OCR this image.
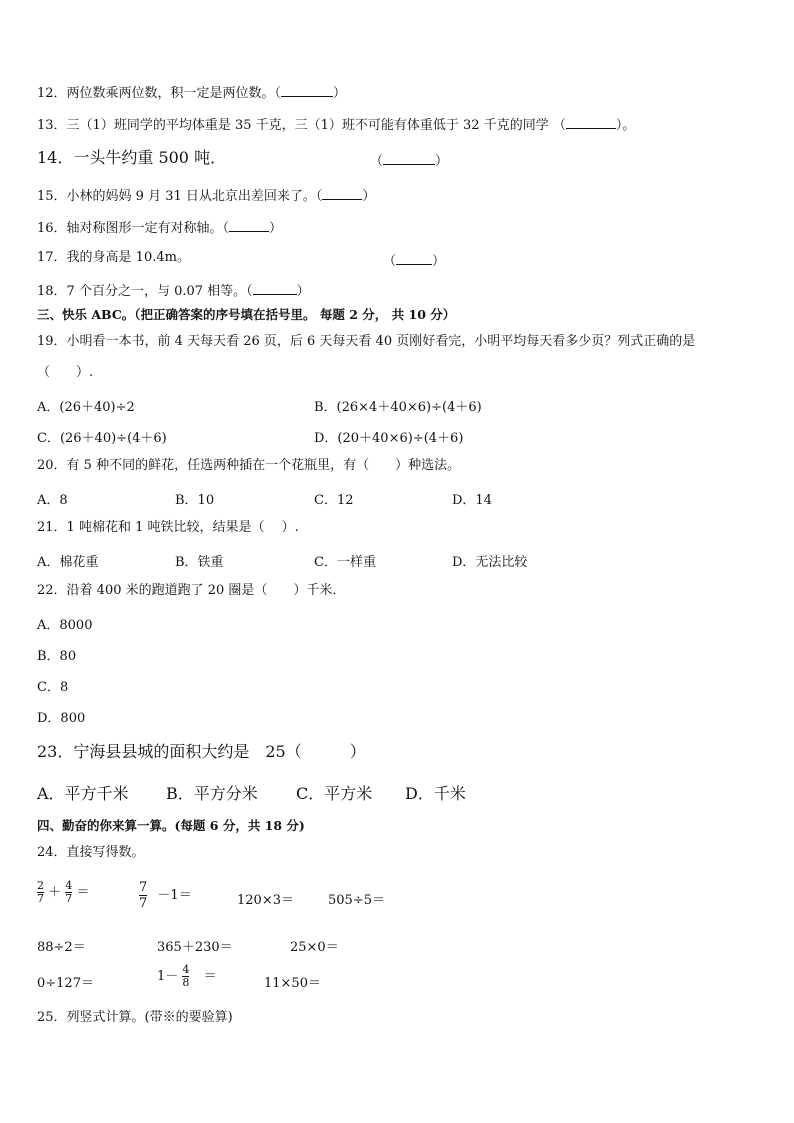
12．两位数乘两位数，积一定是两位数。（	）
13．三（1）班同学的平均体重是 35 千克，三（1）班不可能有体重低于 32 千克的同学 （	）。
14．一头牛约重 500 吨．	（	）
15．小林的妈妈 9 月 31 日从北京出差回来了。（	）
16．轴对称图形一定有对称轴。（	）
17．我的身高是 10.4m。	（	）
18．7 个百分之一，与 0.07 相等。（	）
三、快乐 ABC。（把正确答案的序号填在括号里。 每题 2 分， 共 10 分）
19．小明看一本书，前 4 天每天看 26 页，后 6 天每天看 40 页刚好看完，小明平均每天看多少页？列式正确的是
（　　）.
A．(26＋40)÷2	B．(26×4＋40×6)÷(4＋6)
C．(26＋40)÷(4＋6)	D．(20＋40×6)÷(4＋6)
20．有 5 种不同的鲜花，任选两种插在一个花瓶里，有（　　）种选法。
A．8	B．10	C．12	D．14
21．1 吨棉花和 1 吨铁比较，结果是（　 ）.
A．棉花重	B．铁重	C．一样重	D．无法比较
22．沿着 400 米的跑道跑了 20 圈是（　　）千米．
A．8000
B．80
C．8
D．800
23．宁海县县城的面积大约是　25（　　　）
A．平方千米 B．平方分米 C．平方米 D．千米
四、勤奋的你来算一算。(每题 6 分，共 18 分)
24．直接写得数。
$\frac{2}{7} + \frac{4}{7}$ ＝	$\frac{7}{7} -1=$	120×3＝	505÷5＝
88÷2＝	365＋230＝	25×0＝
0÷127＝	$1- \frac{4}{8}$ ＝	11×50＝
25．列竖式计算。(带※的要验算)
